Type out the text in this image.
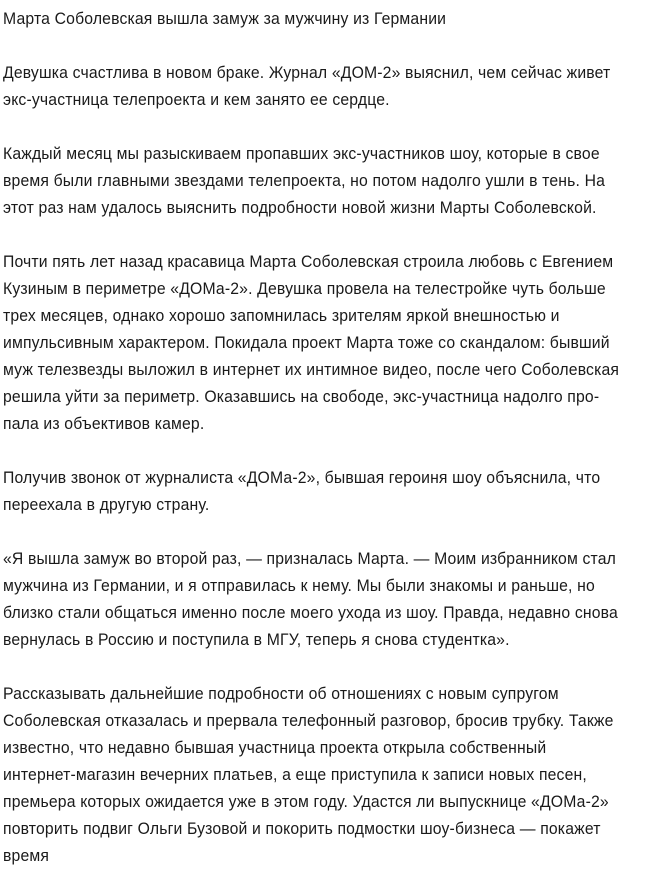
Марта Соболевская вышла замуж за мужчину из Германии

Девушка счастлива в новом браке. Журнал «ДОМ-2» выяснил, чем сейчас живет
экс-участница телепроекта и кем занято ее сердце.

Каждый месяц мы разыскиваем пропавших экс-участников шоу, которые в свое
время были главными звездами телепроекта, но потом надолго ушли в тень. На
этот раз нам удалось выяснить подробности новой жизни Марты Соболевской.

Почти пять лет назад красавица Марта Соболевская строила любовь с Евгением
Кузиным в периметре «ДОМа-2». Девушка провела на телестройке чуть больше
трех месяцев, однако хорошо запомнилась зрителям яркой внешностью и
импульсивным характером. Покидала проект Марта тоже со скандалом: бывший
муж телезвезды выложил в интернет их интимное видео, после чего Соболевская
решила уйти за периметр. Оказавшись на свободе, экс-участница надолго про-
пала из объективов камер.

Получив звонок от журналиста «ДОМа-2», бывшая героиня шоу объяснила, что
переехала в другую страну.

«Я вышла замуж во второй раз, — призналась Марта. — Моим избранником стал
мужчина из Германии, и я отправилась к нему. Мы были знакомы и раньше, но
близко стали общаться именно после моего ухода из шоу. Правда, недавно снова
вернулась в Россию и поступила в МГУ, теперь я снова студентка».

Рассказывать дальнейшие подробности об отношениях с новым супругом
Соболевская отказалась и прервала телефонный разговор, бросив трубку. Также
известно, что недавно бывшая участница проекта открыла собственный
интернет-магазин вечерних платьев, а еще приступила к записи новых песен,
премьера которых ожидается уже в этом году. Удастся ли выпускнице «ДОМа-2»
повторить подвиг Ольги Бузовой и покорить подмостки шоу-бизнеса — покажет
время
